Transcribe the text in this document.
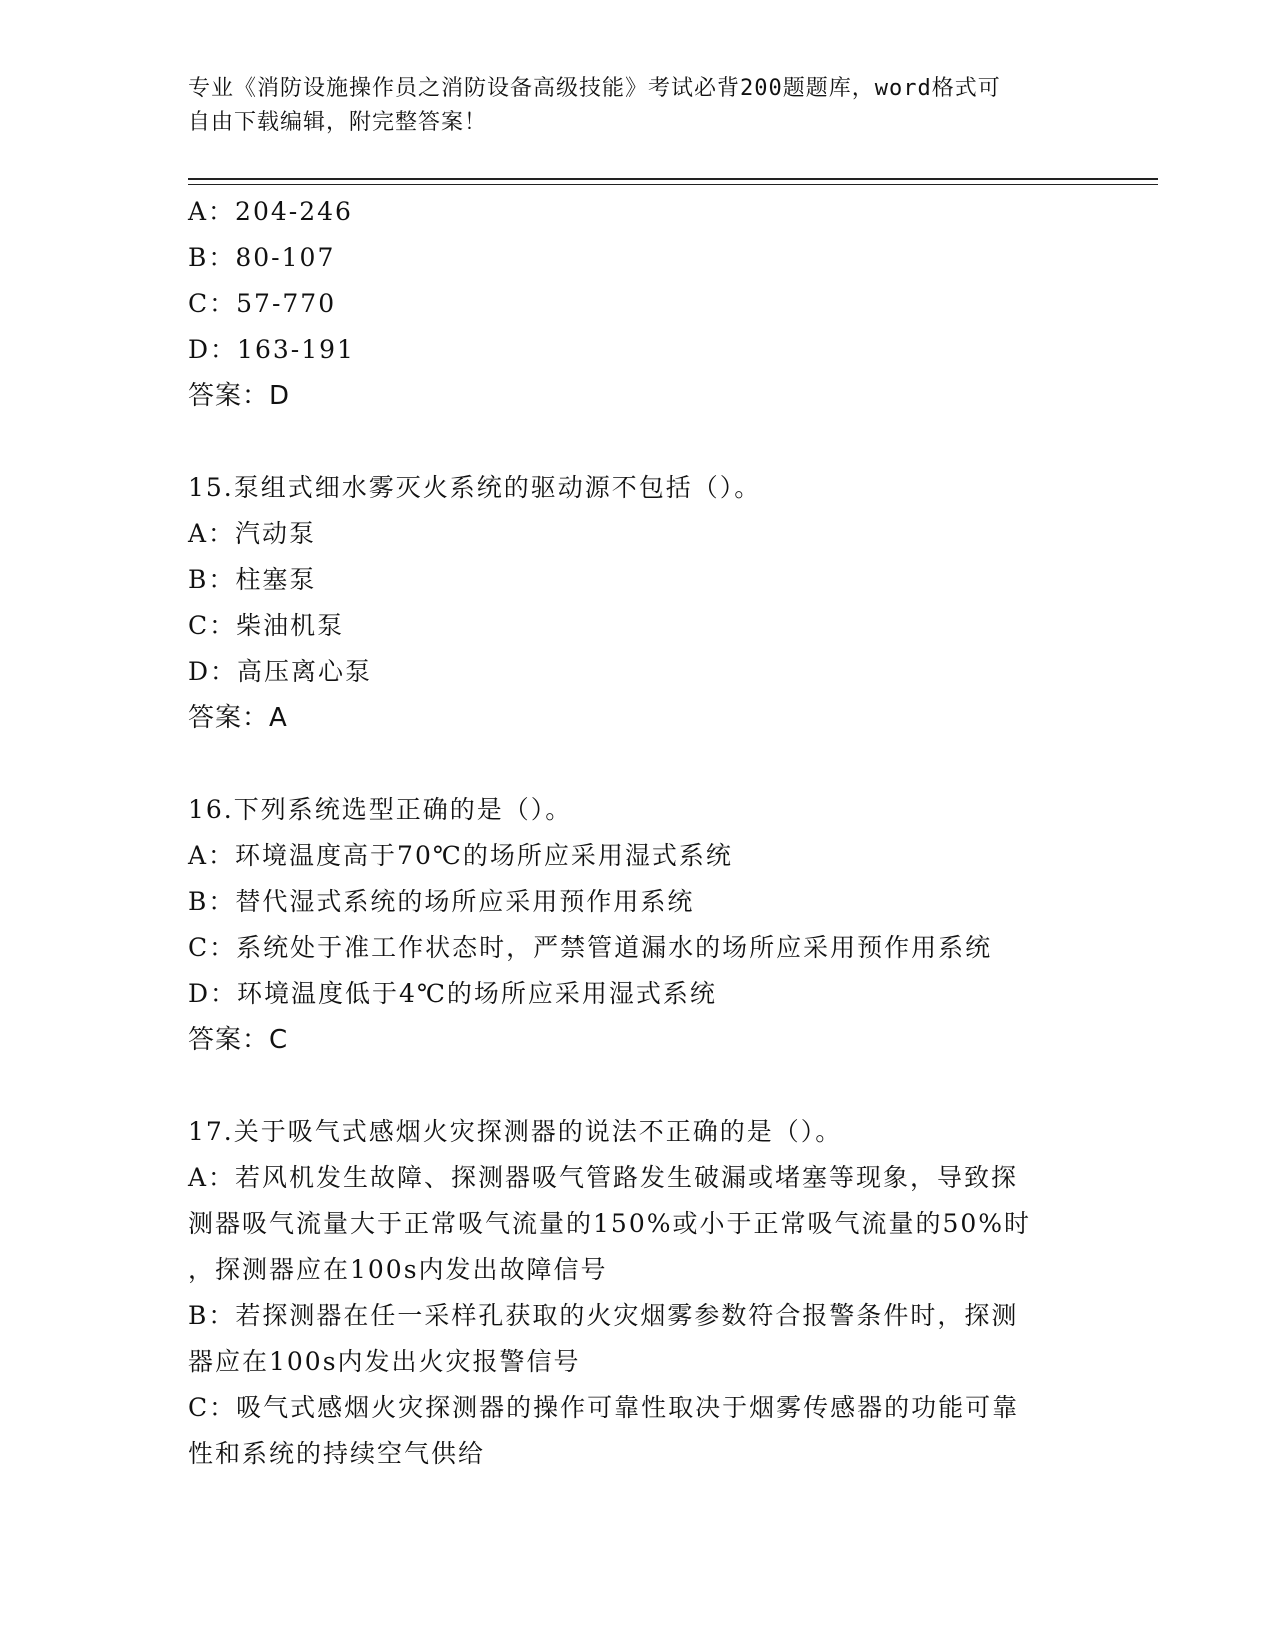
专业《消防设施操作员之消防设备高级技能》考试必背200题题库，word格式可
自由下载编辑，附完整答案！
A：204-246
B：80-107
C：57-770
D：163-191
答案：D
15.泵组式细水雾灭火系统的驱动源不包括（）。
A：汽动泵
B：柱塞泵
C：柴油机泵
D：高压离心泵
答案：A
16.下列系统选型正确的是（）。
A：环境温度高于70℃的场所应采用湿式系统
B：替代湿式系统的场所应采用预作用系统
C：系统处于准工作状态时，严禁管道漏水的场所应采用预作用系统
D：环境温度低于4℃的场所应采用湿式系统
答案：C
17.关于吸气式感烟火灾探测器的说法不正确的是（）。
A：若风机发生故障、探测器吸气管路发生破漏或堵塞等现象，导致探
测器吸气流量大于正常吸气流量的150%或小于正常吸气流量的50%时
，探测器应在100s内发出故障信号
B：若探测器在任一采样孔获取的火灾烟雾参数符合报警条件时，探测
器应在100s内发出火灾报警信号
C：吸气式感烟火灾探测器的操作可靠性取决于烟雾传感器的功能可靠
性和系统的持续空气供给
